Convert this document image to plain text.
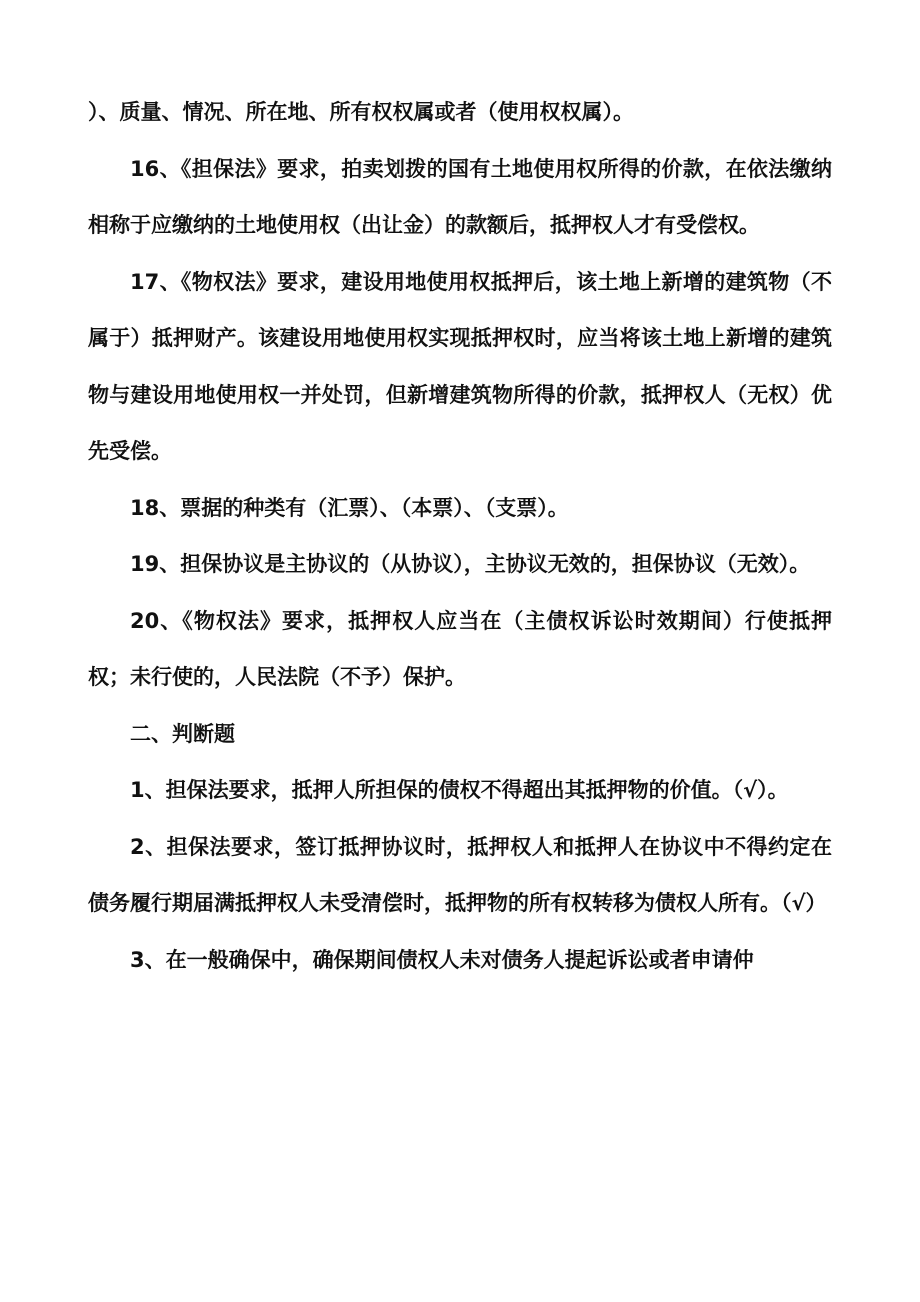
）、质量、情况、所在地、所有权权属或者（使用权权属）。

16、《担保法》要求，拍卖划拨的国有土地使用权所得的价款，在依法缴纳相称于应缴纳的土地使用权（出让金）的款额后，抵押权人才有受偿权。

17、《物权法》要求，建设用地使用权抵押后，该土地上新增的建筑物（不属于）抵押财产。该建设用地使用权实现抵押权时，应当将该土地上新增的建筑物与建设用地使用权一并处罚，但新增建筑物所得的价款，抵押权人（无权）优先受偿。

18、票据的种类有（汇票）、（本票）、（支票）。

19、担保协议是主协议的（从协议），主协议无效的，担保协议（无效）。

20、《物权法》要求，抵押权人应当在（主债权诉讼时效期间）行使抵押权；未行使的，人民法院（不予）保护。

二、判断题

1、担保法要求，抵押人所担保的债权不得超出其抵押物的价值。（√）。

2、担保法要求，签订抵押协议时，抵押权人和抵押人在协议中不得约定在债务履行期届满抵押权人未受清偿时，抵押物的所有权转移为债权人所有。（√）

3、在一般确保中，确保期间债权人未对债务人提起诉讼或者申请仲
